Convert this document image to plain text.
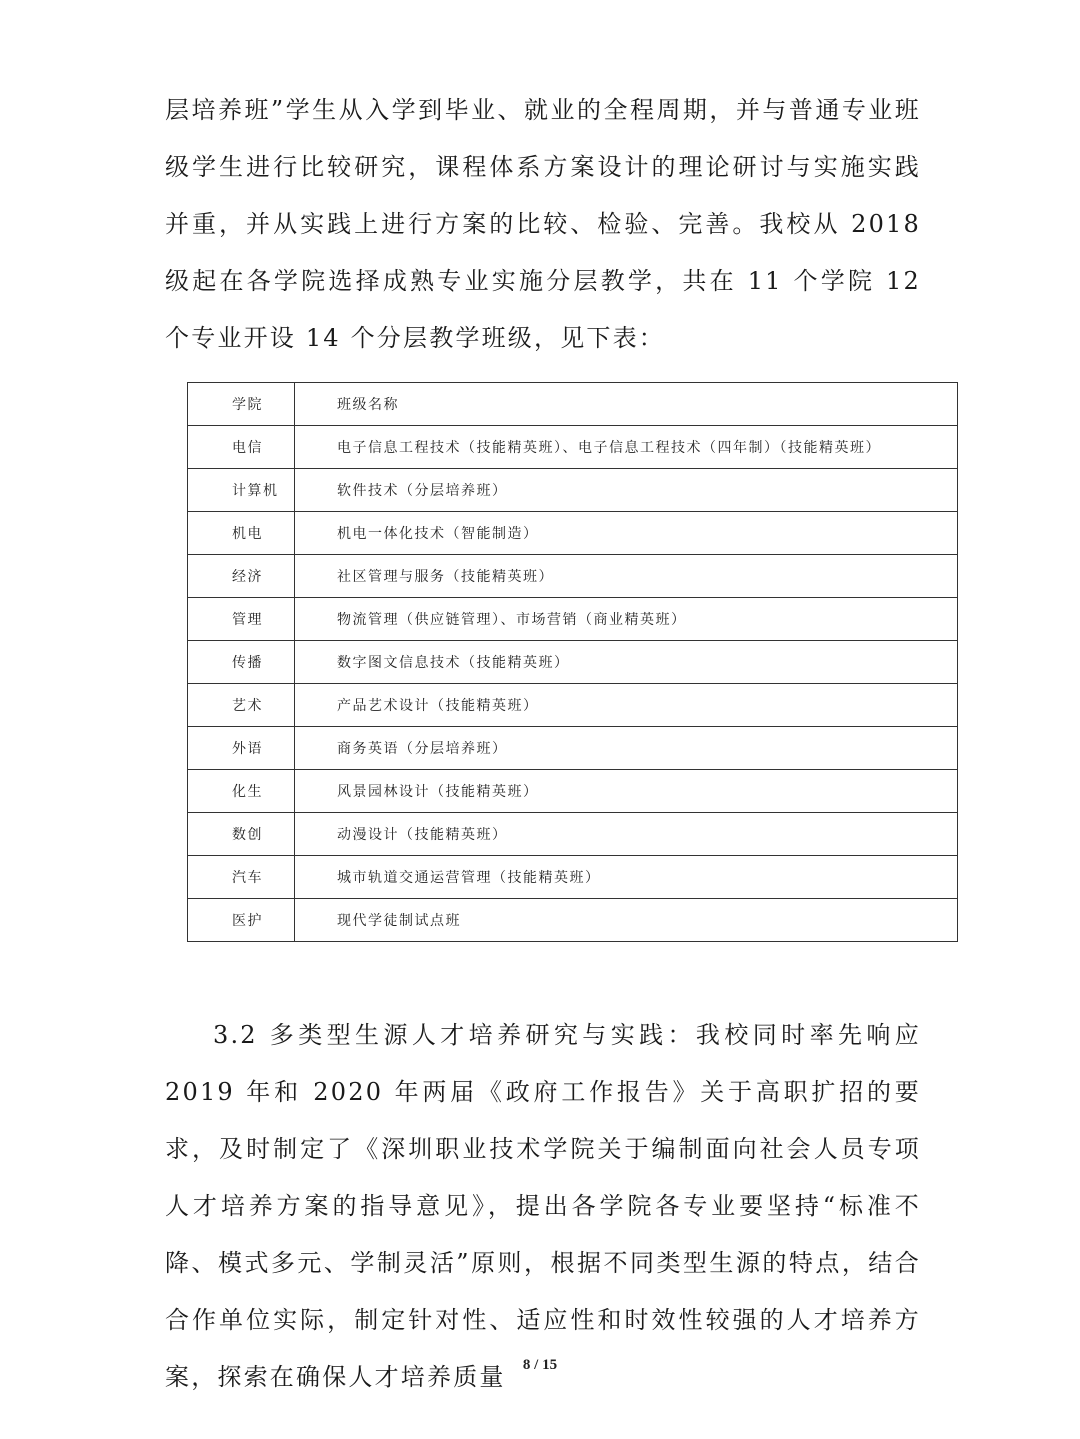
层培养班”学生从入学到毕业、就业的全程周期，并与普通专业班级学生进行比较研究，课程体系方案设计的理论研讨与实施实践并重，并从实践上进行方案的比较、检验、完善。我校从 2018 级起在各学院选择成熟专业实施分层教学，共在 11 个学院 12 个专业开设 14 个分层教学班级，见下表：

学院	班级名称
电信	电子信息工程技术（技能精英班）、电子信息工程技术（四年制）（技能精英班）
计算机	软件技术（分层培养班）
机电	机电一体化技术（智能制造）
经济	社区管理与服务（技能精英班）
管理	物流管理（供应链管理）、市场营销（商业精英班）
传播	数字图文信息技术（技能精英班）
艺术	产品艺术设计（技能精英班）
外语	商务英语（分层培养班）
化生	风景园林设计（技能精英班）
数创	动漫设计（技能精英班）
汽车	城市轨道交通运营管理（技能精英班）
医护	现代学徒制试点班

3.2 多类型生源人才培养研究与实践：我校同时率先响应 2019 年和 2020 年两届《政府工作报告》关于高职扩招的要求，及时制定了《深圳职业技术学院关于编制面向社会人员专项人才培养方案的指导意见》，提出各学院各专业要坚持“标准不降、模式多元、学制灵活”原则，根据不同类型生源的特点，结合合作单位实际，制定针对性、适应性和时效性较强的人才培养方案，探索在确保人才培养质量	8 / 15
